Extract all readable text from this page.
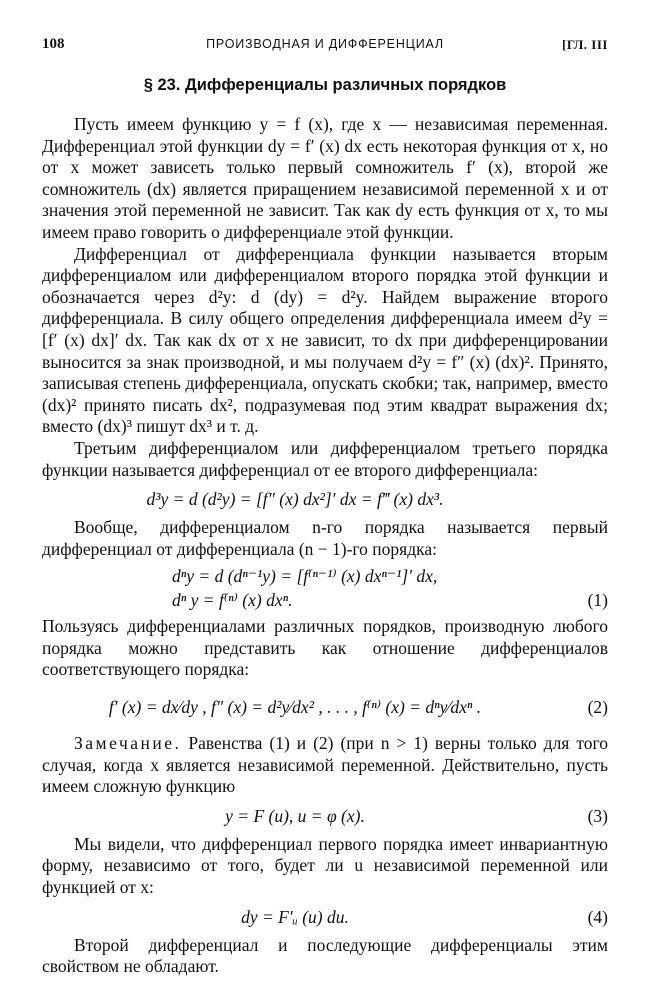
108	ПРОИЗВОДНАЯ И ДИФФЕРЕНЦИАЛ	[ГЛ. III
§ 23. Дифференциалы различных порядков

Пусть имеем функцию y = f (x), где x — независимая переменная. Дифференциал этой функции dy = f′ (x) dx есть некоторая функция от x, но от x может зависеть только первый сомножитель f′ (x), второй же сомножитель (dx) является приращением независимой переменной x и от значения этой переменной не зависит. Так как dy есть функция от x, то мы имеем право говорить о дифференциале этой функции.

Дифференциал от дифференциала функции называется вторым дифференциалом или дифференциалом второго порядка этой функции и обозначается через d²y: d (dy) = d²y. Найдем выражение второго дифференциала. В силу общего определения дифференциала имеем d²y = [f′ (x) dx]′ dx. Так как dx от x не зависит, то dx при дифференцировании выносится за знак производной, и мы получаем d²y = f″ (x) (dx)². Принято, записывая степень дифференциала, опускать скобки; так, например, вместо (dx)² принято писать dx², подразумевая под этим квадрат выражения dx; вместо (dx)³ пишут dx³ и т. д.

Третьим дифференциалом или дифференциалом третьего порядка функции называется дифференциал от ее второго дифференциала:

d³y = d (d²y) = [f″ (x) dx²]′ dx = f‴ (x) dx³.

Вообще, дифференциалом n-го порядка называется первый дифференциал от дифференциала (n − 1)-го порядка:

dⁿy = d (dⁿ⁻¹y) = [f⁽ⁿ⁻¹⁾ (x) dxⁿ⁻¹]′ dx,
dⁿ y = f⁽ⁿ⁾ (x) dxⁿ.	(1)

Пользуясь дифференциалами различных порядков, производную любого порядка можно представить как отношение дифференциалов соответствующего порядка:

f′ (x) = dx⁄dy , f″ (x) = d²y⁄dx² , . . . , f⁽ⁿ⁾ (x) = dⁿy⁄dxⁿ .	(2)

Замечание. Равенства (1) и (2) (при n > 1) верны только для того случая, когда x является независимой переменной. Действительно, пусть имеем сложную функцию

y = F (u), u = φ (x).	(3)

Мы видели, что дифференциал первого порядка имеет инвариантную форму, независимо от того, будет ли u независимой переменной или функцией от x:

dy = F′ᵤ (u) du.	(4)

Второй дифференциал и последующие дифференциалы этим свойством не обладают.
